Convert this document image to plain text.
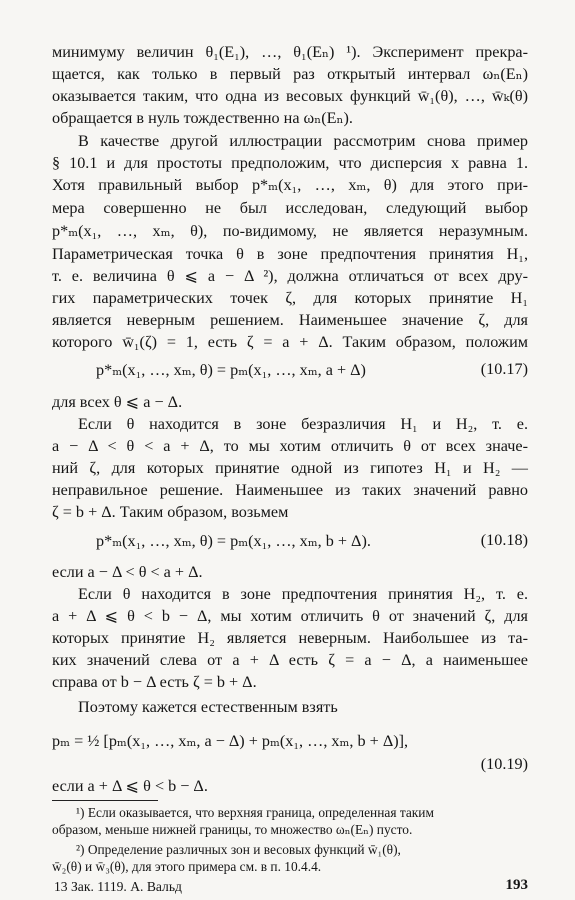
минимуму величин θ₁(E₁), …, θ₁(Eₙ) ¹). Эксперимент прекра-
щается, как только в первый раз открытый интервал ωₙ(Eₙ)
оказывается таким, что одна из весовых функций w̄₁(θ), …, w̄ₖ(θ)
обращается в нуль тождественно на ωₙ(Eₙ).
В качестве другой иллюстрации рассмотрим снова пример
§ 10.1 и для простоты предположим, что дисперсия x равна 1.
Хотя правильный выбор p*ₘ(x₁, …, xₘ, θ) для этого при-
мера совершенно не был исследован, следующий выбор
p*ₘ(x₁, …, xₘ, θ), по-видимому, не является неразумным.
Параметрическая точка θ в зоне предпочтения принятия H₁,
т. е. величина θ ⩽ a − Δ ²), должна отличаться от всех дру-
гих параметрических точек ζ, для которых принятие H₁
является неверным решением. Наименьшее значение ζ, для
которого w̄₁(ζ) = 1, есть ζ = a + Δ. Таким образом, положим
p*ₘ(x₁, …, xₘ, θ) = pₘ(x₁, …, xₘ, a + Δ)	(10.17)
для всех θ ⩽ a − Δ.
Если θ находится в зоне безразличия H₁ и H₂, т. е.
a − Δ < θ < a + Δ, то мы хотим отличить θ от всех значе-
ний ζ, для которых принятие одной из гипотез H₁ и H₂ —
неправильное решение. Наименьшее из таких значений равно
ζ = b + Δ. Таким образом, возьмем
p*ₘ(x₁, …, xₘ, θ) = pₘ(x₁, …, xₘ, b + Δ).	(10.18)
если a − Δ < θ < a + Δ.
Если θ находится в зоне предпочтения принятия H₂, т. е.
a + Δ ⩽ θ < b − Δ, мы хотим отличить θ от значений ζ, для
которых принятие H₂ является неверным. Наибольшее из та-
ких значений слева от a + Δ есть ζ = a − Δ, а наименьшее
справа от b − Δ есть ζ = b + Δ.
Поэтому кажется естественным взять
pₘ = ½ [pₘ(x₁, …, xₘ, a − Δ) + pₘ(x₁, …, xₘ, b + Δ)],
(10.19)
если a + Δ ⩽ θ < b − Δ.
¹) Если оказывается, что верхняя граница, определенная таким
образом, меньше нижней границы, то множество ωₙ(Eₙ) пусто.
²) Определение различных зон и весовых функций w̄₁(θ),
w̄₂(θ) и w̄₃(θ), для этого примера см. в п. 10.4.4.
13 Зак. 1119. А. Вальд	193
